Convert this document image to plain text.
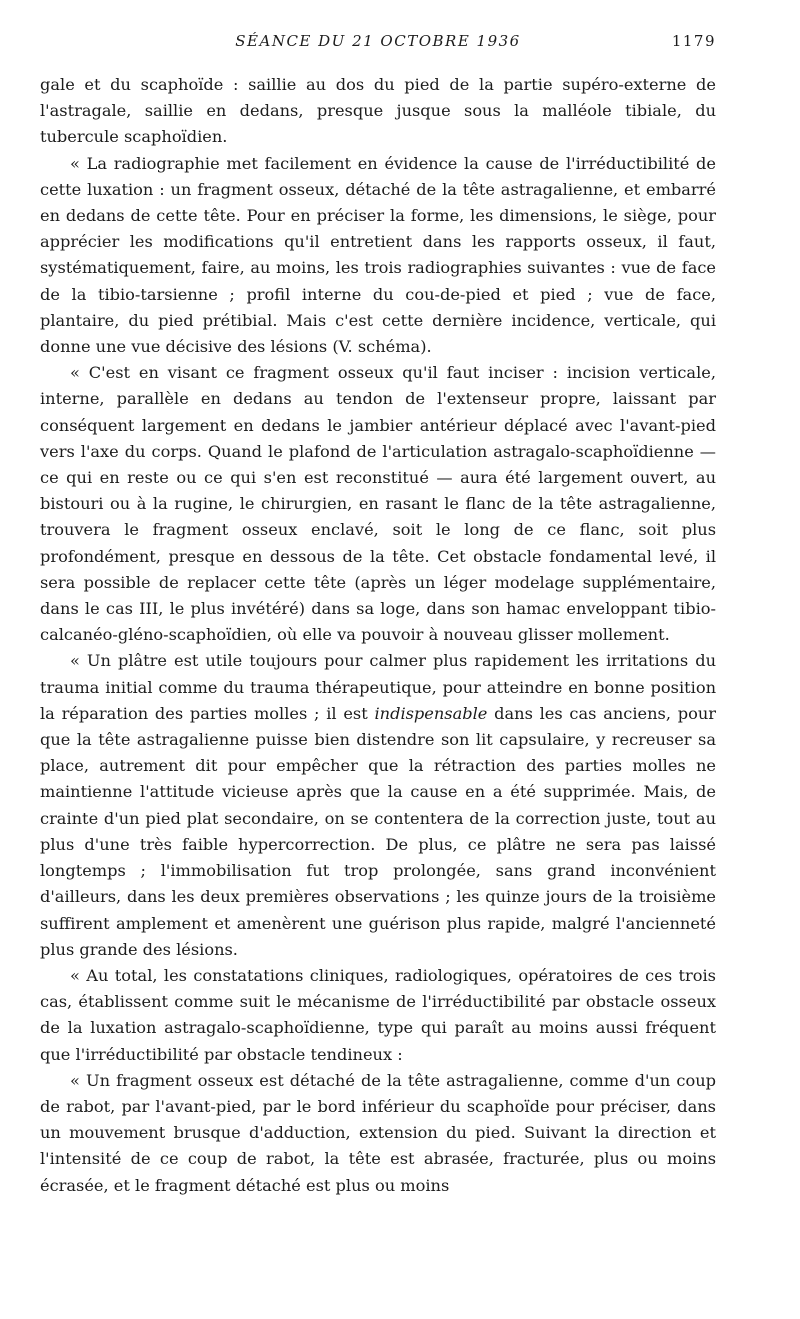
SÉANCE DU 21 OCTOBRE 1936	1179

gale et du scaphoïde : saillie au dos du pied de la partie supéro-externe de l'astragale, saillie en dedans, presque jusque sous la malléole tibiale, du tubercule scaphoïdien.

« La radiographie met facilement en évidence la cause de l'irréductibilité de cette luxation : un fragment osseux, détaché de la tête astragalienne, et embarré en dedans de cette tête. Pour en préciser la forme, les dimensions, le siège, pour apprécier les modifications qu'il entretient dans les rapports osseux, il faut, systématiquement, faire, au moins, les trois radiographies suivantes : vue de face de la tibio-tarsienne ; profil interne du cou-de-pied et pied ; vue de face, plantaire, du pied prétibial. Mais c'est cette dernière incidence, verticale, qui donne une vue décisive des lésions (V. schéma).

« C'est en visant ce fragment osseux qu'il faut inciser : incision verticale, interne, parallèle en dedans au tendon de l'extenseur propre, laissant par conséquent largement en dedans le jambier antérieur déplacé avec l'avant-pied vers l'axe du corps. Quand le plafond de l'articulation astragalo-scaphoïdienne — ce qui en reste ou ce qui s'en est reconstitué — aura été largement ouvert, au bistouri ou à la rugine, le chirurgien, en rasant le flanc de la tête astragalienne, trouvera le fragment osseux enclavé, soit le long de ce flanc, soit plus profondément, presque en dessous de la tête. Cet obstacle fondamental levé, il sera possible de replacer cette tête (après un léger modelage supplémentaire, dans le cas III, le plus invétéré) dans sa loge, dans son hamac enveloppant tibio-calcanéo-gléno-scaphoïdien, où elle va pouvoir à nouveau glisser mollement.

« Un plâtre est utile toujours pour calmer plus rapidement les irritations du trauma initial comme du trauma thérapeutique, pour atteindre en bonne position la réparation des parties molles ; il est indispensable dans les cas anciens, pour que la tête astragalienne puisse bien distendre son lit capsulaire, y recreuser sa place, autrement dit pour empêcher que la rétraction des parties molles ne maintienne l'attitude vicieuse après que la cause en a été supprimée. Mais, de crainte d'un pied plat secondaire, on se contentera de la correction juste, tout au plus d'une très faible hypercorrection. De plus, ce plâtre ne sera pas laissé longtemps ; l'immobilisation fut trop prolongée, sans grand inconvénient d'ailleurs, dans les deux premières observations ; les quinze jours de la troisième suffirent amplement et amenèrent une guérison plus rapide, malgré l'ancienneté plus grande des lésions.

« Au total, les constatations cliniques, radiologiques, opératoires de ces trois cas, établissent comme suit le mécanisme de l'irréductibilité par obstacle osseux de la luxation astragalo-scaphoïdienne, type qui paraît au moins aussi fréquent que l'irréductibilité par obstacle tendineux :

« Un fragment osseux est détaché de la tête astragalienne, comme d'un coup de rabot, par l'avant-pied, par le bord inférieur du scaphoïde pour préciser, dans un mouvement brusque d'adduction, extension du pied. Suivant la direction et l'intensité de ce coup de rabot, la tête est abrasée, fracturée, plus ou moins écrasée, et le fragment détaché est plus ou moins
